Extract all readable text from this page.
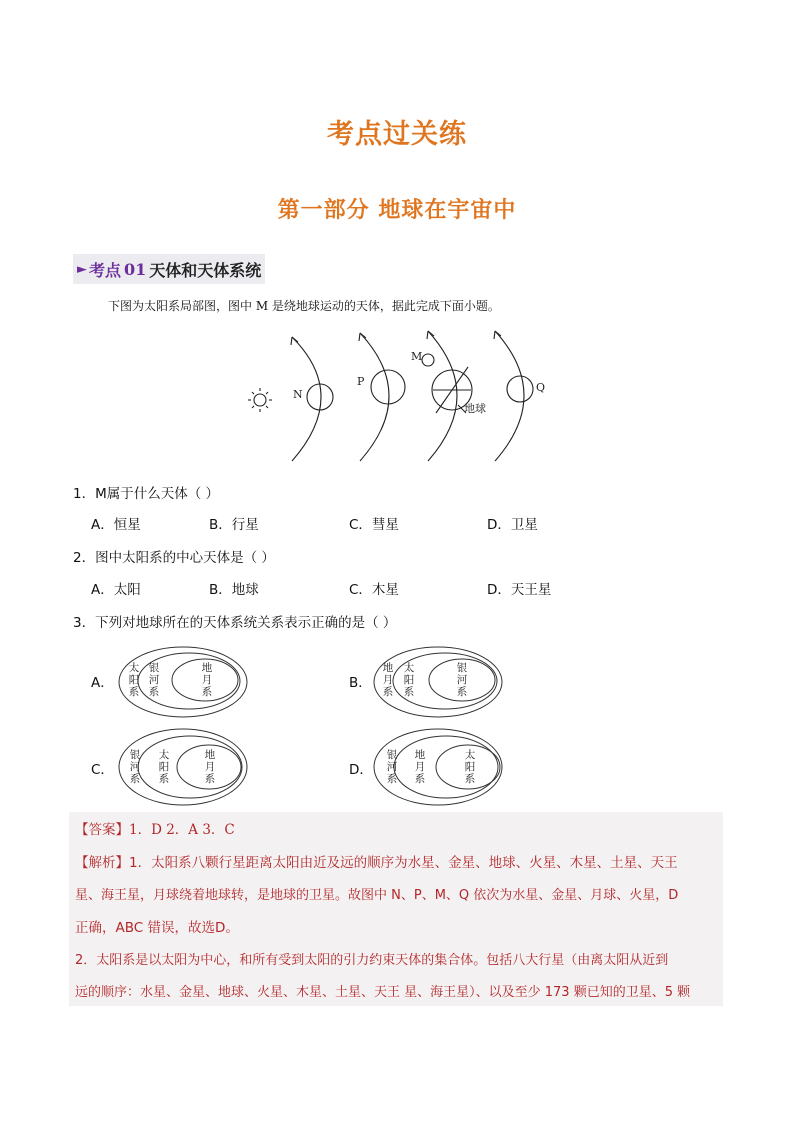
考点过关练
第一部分 地球在宇宙中
► 考点 01 天体和天体系统
下图为太阳系局部图，图中 M 是绕地球运动的天体，据此完成下面小题。
N
P
M
地球
Q
1．M属于什么天体（ ）
A．恒星	B．行星	C．彗星	D．卫星
2．图中太阳系的中心天体是（ ）
A．太阳	B．地球	C．木星	D．天王星
3．下列对地球所在的天体系统关系表示正确的是（ ）
A．	B．
C．	D．
太阳系
银河系
地月系
地月系
太阳系
银河系
银河系
太阳系
地月系
银河系
地月系
太阳系
【答案】1．D 2．A 3．C
【解析】1．太阳系八颗行星距离太阳由近及远的顺序为水星、金星、地球、火星、木星、土星、天王
星、海王星，月球绕着地球转，是地球的卫星。故图中 N、P、M、Q 依次为水星、金星、月球、火星，D
正确，ABC 错误，故选D。
2．太阳系是以太阳为中心，和所有受到太阳的引力约束天体的集合体。包括八大行星（由离太阳从近到
远的顺序：水星、金星、地球、火星、木星、土星、天王 星、海王星）、以及至少 173 颗已知的卫星、5 颗
